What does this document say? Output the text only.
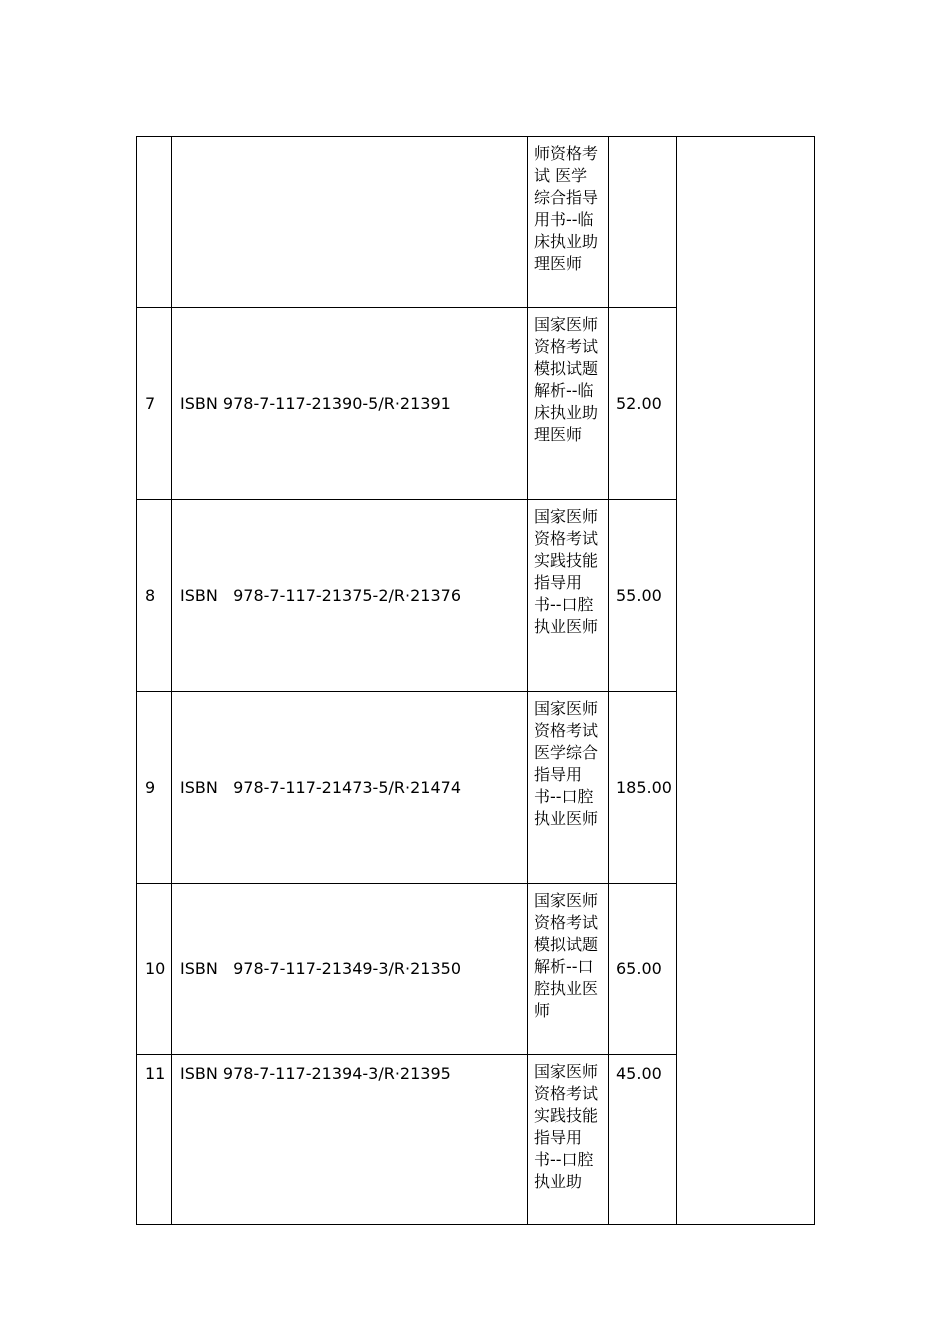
		师资格考试 医学综合指导用书--临床执业助理医师		

7	ISBN 978-7-117-21390-5/R·21391	国家医师资格考试 模拟试题解析--临床执业助理医师	52.00	
8	ISBN   978-7-117-21375-2/R·21376	国家医师资格考试 实践技能指导用书--口腔执业医师	55.00	
9	ISBN   978-7-117-21473-5/R·21474	国家医师资格考试 医学综合指导用书--口腔执业医师	185.00	
10	ISBN   978-7-117-21349-3/R·21350	国家医师资格考试 模拟试题解析--口腔执业医师	65.00	
11	ISBN 978-7-117-21394-3/R·21395	国家医师资格考试 实践技能指导用书--口腔执业助	45.00	
